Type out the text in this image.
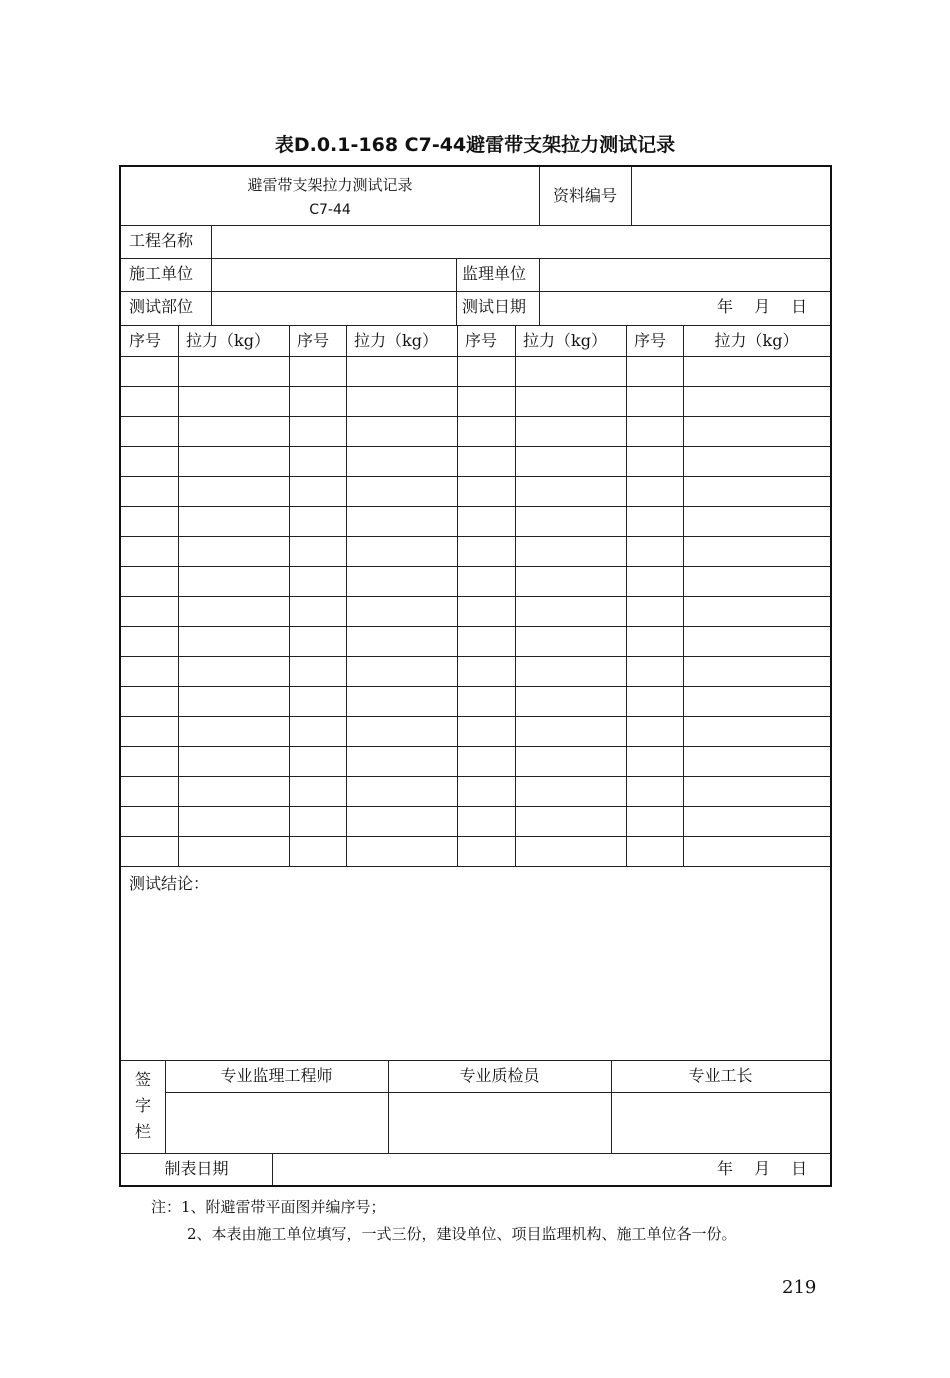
表D.0.1-168 C7-44避雷带支架拉力测试记录
避雷带支架拉力测试记录
C7-44
资料编号
工程名称
施工单位	监理单位
测试部位	测试日期	年　 月　 日
测试结论：
签
字
栏
专业监理工程师	专业质检员	专业工长
制表日期	年　 月　 日
序号	拉力（kg）	序号	拉力（kg）	序号	拉力（kg）	序号	拉力（kg）
注：1、附避雷带平面图并编序号；
2、本表由施工单位填写，一式三份，建设单位、项目监理机构、施工单位各一份。
219
